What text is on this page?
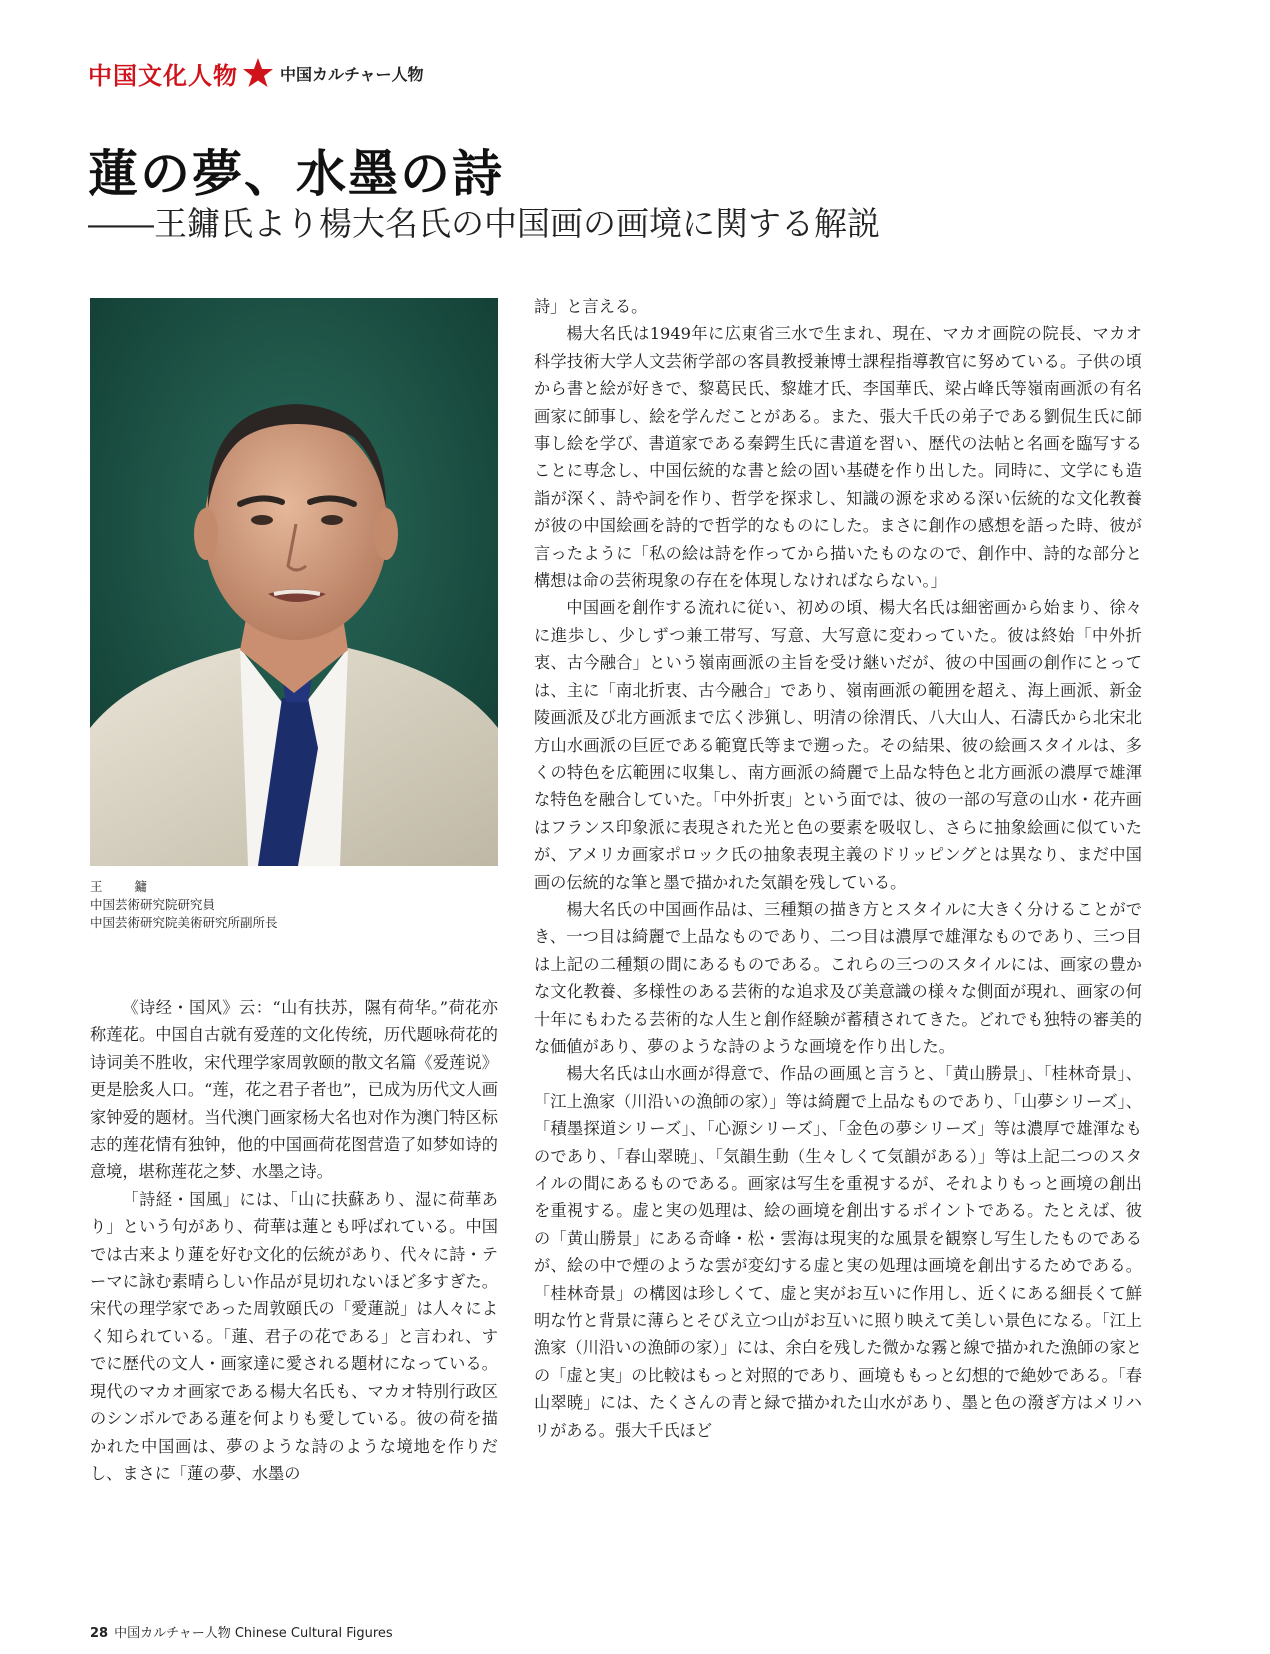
中国文化人物	中国カルチャー人物
蓮の夢、水墨の詩
――王鏞氏より楊大名氏の中国画の画境に関する解説
王 鏞
中国芸術研究院研究員
中国芸術研究院美術研究所副所長

《诗经・国风》云：“山有扶苏，隰有荷华。”荷花亦称莲花。中国自古就有爱莲的文化传统，历代题咏荷花的诗词美不胜收，宋代理学家周敦颐的散文名篇《爱莲说》更是脍炙人口。“莲，花之君子者也”，已成为历代文人画家钟爱的题材。当代澳门画家杨大名也对作为澳门特区标志的莲花情有独钟，他的中国画荷花图营造了如梦如诗的意境，堪称莲花之梦、水墨之诗。

「詩経・国風」には、「山に扶蘇あり、湿に荷華あり」という句があり、荷華は蓮とも呼ばれている。中国では古来より蓮を好む文化的伝統があり、代々に詩・テーマに詠む素晴らしい作品が見切れないほど多すぎた。宋代の理学家であった周敦頤氏の「愛蓮説」は人々によく知られている。「蓮、君子の花である」と言われ、すでに歴代の文人・画家達に愛される題材になっている。現代のマカオ画家である楊大名氏も、マカオ特別行政区のシンボルである蓮を何よりも愛している。彼の荷を描かれた中国画は、夢のような詩のような境地を作りだし、まさに「蓮の夢、水墨の

詩」と言える。

楊大名氏は1949年に広東省三水で生まれ、現在、マカオ画院の院長、マカオ科学技術大学人文芸術学部の客員教授兼博士課程指導教官に努めている。子供の頃から書と絵が好きで、黎葛民氏、黎雄才氏、李国華氏、梁占峰氏等嶺南画派の有名画家に師事し、絵を学んだことがある。また、張大千氏の弟子である劉侃生氏に師事し絵を学び、書道家である秦鍔生氏に書道を習い、歴代の法帖と名画を臨写することに専念し、中国伝統的な書と絵の固い基礎を作り出した。同時に、文学にも造詣が深く、詩や詞を作り、哲学を探求し、知識の源を求める深い伝統的な文化教養が彼の中国絵画を詩的で哲学的なものにした。まさに創作の感想を語った時、彼が言ったように「私の絵は詩を作ってから描いたものなので、創作中、詩的な部分と構想は命の芸術現象の存在を体現しなければならない。」

中国画を創作する流れに従い、初めの頃、楊大名氏は細密画から始まり、徐々に進歩し、少しずつ兼工帯写、写意、大写意に変わっていた。彼は終始「中外折衷、古今融合」という嶺南画派の主旨を受け継いだが、彼の中国画の創作にとっては、主に「南北折衷、古今融合」であり、嶺南画派の範囲を超え、海上画派、新金陵画派及び北方画派まで広く渉猟し、明清の徐渭氏、八大山人、石濤氏から北宋北方山水画派の巨匠である範寛氏等まで遡った。その結果、彼の絵画スタイルは、多くの特色を広範囲に収集し、南方画派の綺麗で上品な特色と北方画派の濃厚で雄渾な特色を融合していた。「中外折衷」という面では、彼の一部の写意の山水・花卉画はフランス印象派に表現された光と色の要素を吸収し、さらに抽象絵画に似ていたが、アメリカ画家ポロック氏の抽象表現主義のドリッピングとは異なり、まだ中国画の伝統的な筆と墨で描かれた気韻を残している。

楊大名氏の中国画作品は、三種類の描き方とスタイルに大きく分けることができ、一つ目は綺麗で上品なものであり、二つ目は濃厚で雄渾なものであり、三つ目は上記の二種類の間にあるものである。これらの三つのスタイルには、画家の豊かな文化教養、多様性のある芸術的な追求及び美意識の様々な側面が現れ、画家の何十年にもわたる芸術的な人生と創作経験が蓄積されてきた。どれでも独特の審美的な価値があり、夢のような詩のような画境を作り出した。

楊大名氏は山水画が得意で、作品の画風と言うと、「黄山勝景」、「桂林奇景」、「江上漁家（川沿いの漁師の家）」等は綺麗で上品なものであり、「山夢シリーズ」、「積墨探道シリーズ」、「心源シリーズ」、「金色の夢シリーズ」等は濃厚で雄渾なものであり、「春山翠暁」、「気韻生動（生々しくて気韻がある）」等は上記二つのスタイルの間にあるものである。画家は写生を重視するが、それよりもっと画境の創出を重視する。虚と実の処理は、絵の画境を創出するポイントである。たとえば、彼の「黄山勝景」にある奇峰・松・雲海は現実的な風景を観察し写生したものであるが、絵の中で煙のような雲が変幻する虚と実の処理は画境を創出するためである。「桂林奇景」の構図は珍しくて、虚と実がお互いに作用し、近くにある細長くて鮮明な竹と背景に薄らとそびえ立つ山がお互いに照り映えて美しい景色になる。「江上漁家（川沿いの漁師の家）」には、余白を残した微かな霧と線で描かれた漁師の家との「虚と実」の比較はもっと対照的であり、画境ももっと幻想的で絶妙である。「春山翠暁」には、たくさんの青と緑で描かれた山水があり、墨と色の潑ぎ方はメリハリがある。張大千氏ほど

28 中国カルチャー人物 Chinese Cultural Figures
